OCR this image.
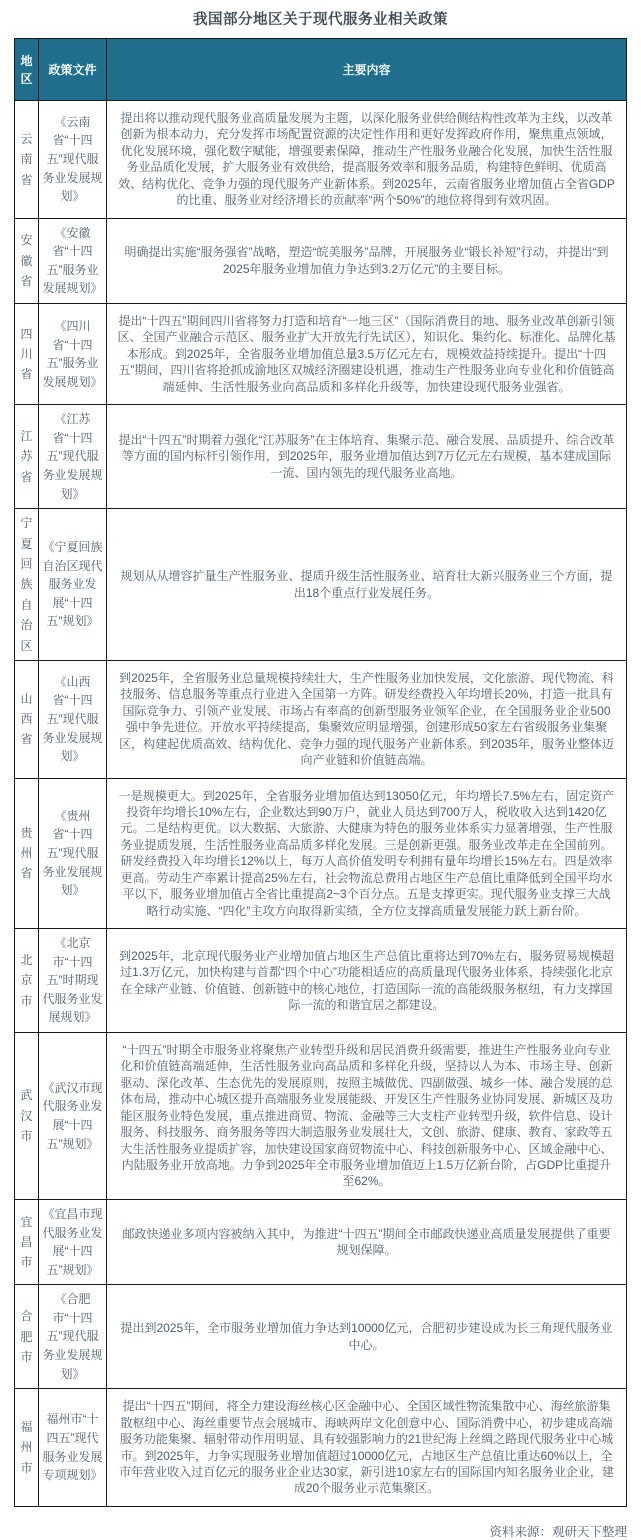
我国部分地区关于现代服务业相关政策
地区	政策文件	主要内容
云南省	《云南省“十四五”现代服务业发展规划》	提出将以推动现代服务业高质量发展为主题，以深化服务业供给侧结构性改革为主线，以改革创新为根本动力，充分发挥市场配置资源的决定性作用和更好发挥政府作用，聚焦重点领域，优化发展环境，强化数字赋能，增强要素保障，推动生产性服务业融合化发展，加快生活性服务业品质化发展，扩大服务业有效供给，提高服务效率和服务品质，构建特色鲜明、优质高效、结构优化、竞争力强的现代服务产业新体系。到2025年，云南省服务业增加值占全省GDP的比重、服务业对经济增长的贡献率“两个50%”的地位将得到有效巩固。
安徽省	《安徽省“十四五”服务业发展规划》	明确提出实施“服务强省”战略，塑造“皖美服务”品牌，开展服务业“锻长补短”行动，并提出“到2025年服务业增加值力争达到3.2万亿元”的主要目标。
四川省	《四川省“十四五”服务业发展规划》	提出“十四五”期间四川省将努力打造和培育“一地三区”（国际消费目的地、服务业改革创新引领区、全国产业融合示范区、服务业扩大开放先行先试区），知识化、集约化、标准化、品牌化基本形成。到2025年，全省服务业增加值总量3.5万亿元左右，规模效益持续提升。提出“十四五”期间，四川省将抢抓成渝地区双城经济圈建设机遇，推动生产性服务业向专业化和价值链高端延伸、生活性服务业向高品质和多样化升级等，加快建设现代服务业强省。
江苏省	《江苏省“十四五”现代服务业发展规划》	提出“十四五”时期着力强化“江苏服务”在主体培育、集聚示范、融合发展、品质提升、综合改革等方面的国内标杆引领作用，到2025年，服务业增加值达到7万亿元左右规模，基本建成国际一流、国内领先的现代服务业高地。
宁夏回族自治区	《宁夏回族自治区现代服务业发展“十四五”规划》	规划从从增容扩量生产性服务业、提质升级生活性服务业、培育壮大新兴服务业三个方面，提出18个重点行业发展任务。
山西省	《山西省“十四五”现代服务业发展规划》	到2025年，全省服务业总量规模持续壮大，生产性服务业加快发展，文化旅游、现代物流、科技服务、信息服务等重点行业进入全国第一方阵。研发经费投入年均增长20%，打造一批具有国际竞争力、引领产业发展、市场占有率高的创新型服务业领军企业，在全国服务业企业500强中争先进位。开放水平持续提高，集聚效应明显增强，创建形成50家左右省级服务业集聚区，构建起优质高效、结构优化、竞争力强的现代服务产业新体系。到2035年，服务业整体迈向产业链和价值链高端。
贵州省	《贵州省“十四五”现代服务业发展规划》	一是规模更大。到2025年，全省服务业增加值达到13050亿元，年均增长7.5%左右，固定资产投资年均增长10%左右，企业数达到90万户，就业人员达到700万人，税收收入达到1420亿元。二是结构更优。以大数据、大旅游、大健康为特色的服务业体系实力显著增强，生产性服务业提质发展，生活性服务业高品质多样化发展。三是创新更强。服务业改革走在全国前列。研发经费投入年均增长12%以上，每万人高价值发明专利拥有量年均增长15%左右。四是效率更高。劳动生产率累计提高25%左右，社会物流总费用占地区生产总值比重降低到全国平均水平以下，服务业增加值占全省比重提高2~3个百分点。五是支撑更实。现代服务业支撑三大战略行动实施、“四化”主攻方向取得新实绩，全方位支撑高质量发展能力跃上新台阶。
北京市	《北京市“十四五”时期现代服务业发展规划》	到2025年，北京现代服务业产业增加值占地区生产总值比重将达到70%左右，服务贸易规模超过1.3万亿元，加快构建与首都“四个中心”功能相适应的高质量现代服务业体系，持续强化北京在全球产业链、价值链、创新链中的核心地位，打造国际一流的高能级服务枢纽，有力支撑国际一流的和谐宜居之都建设。
武汉市	《武汉市现代服务业发展“十四五”规划》	“十四五”时期全市服务业将聚焦产业转型升级和居民消费升级需要，推进生产性服务业向专业化和价值链高端延伸，生活性服务业向高品质和多样化升级，坚持以人为本、市场主导、创新驱动、深化改革、生态优先的发展原则，按照主城做优、四副做强、城乡一体、融合发展的总体布局，推动中心城区提升高端服务业发展能级、开发区生产性服务业协同发展、新城区及功能区服务业特色发展，重点推进商贸、物流、金融等三大支柱产业转型升级，软件信息、设计服务、科技服务、商务服务等四大制造服务业发展壮大，文创、旅游、健康、教育、家政等五大生活性服务业提质扩容，加快建设国家商贸物流中心、科技创新服务中心、区域金融中心、内陆服务业开放高地。力争到2025年全市服务业增加值迈上1.5万亿新台阶，占GDP比重提升至62%。
宜昌市	《宜昌市现代服务业发展“十四五”规划》	邮政快递业多项内容被纳入其中，为推进“十四五”期间全市邮政快递业高质量发展提供了重要规划保障。
合肥市	《合肥市“十四五”现代服务业发展规划》	提出到2025年，全市服务业增加值力争达到10000亿元，合肥初步建设成为长三角现代服务业中心。
福州市	福州市“十四五”现代服务业发展专项规划》	提出“十四五”期间，将全力建设海丝核心区金融中心、全国区域性物流集散中心、海丝旅游集散枢纽中心、海丝重要节点会展城市、海峡两岸文化创意中心、国际消费中心，初步建成高端服务功能集聚、辐射带动作用明显、具有较强影响力的21世纪海上丝绸之路现代服务业中心城市。到2025年，力争实现服务业增加值超过10000亿元，占地区生产总值比重达60%以上，全市年营业收入过百亿元的服务业企业达30家，新引进10家左右的国际国内知名服务业企业，建成20个服务业示范集聚区。
资料来源：观研天下整理
